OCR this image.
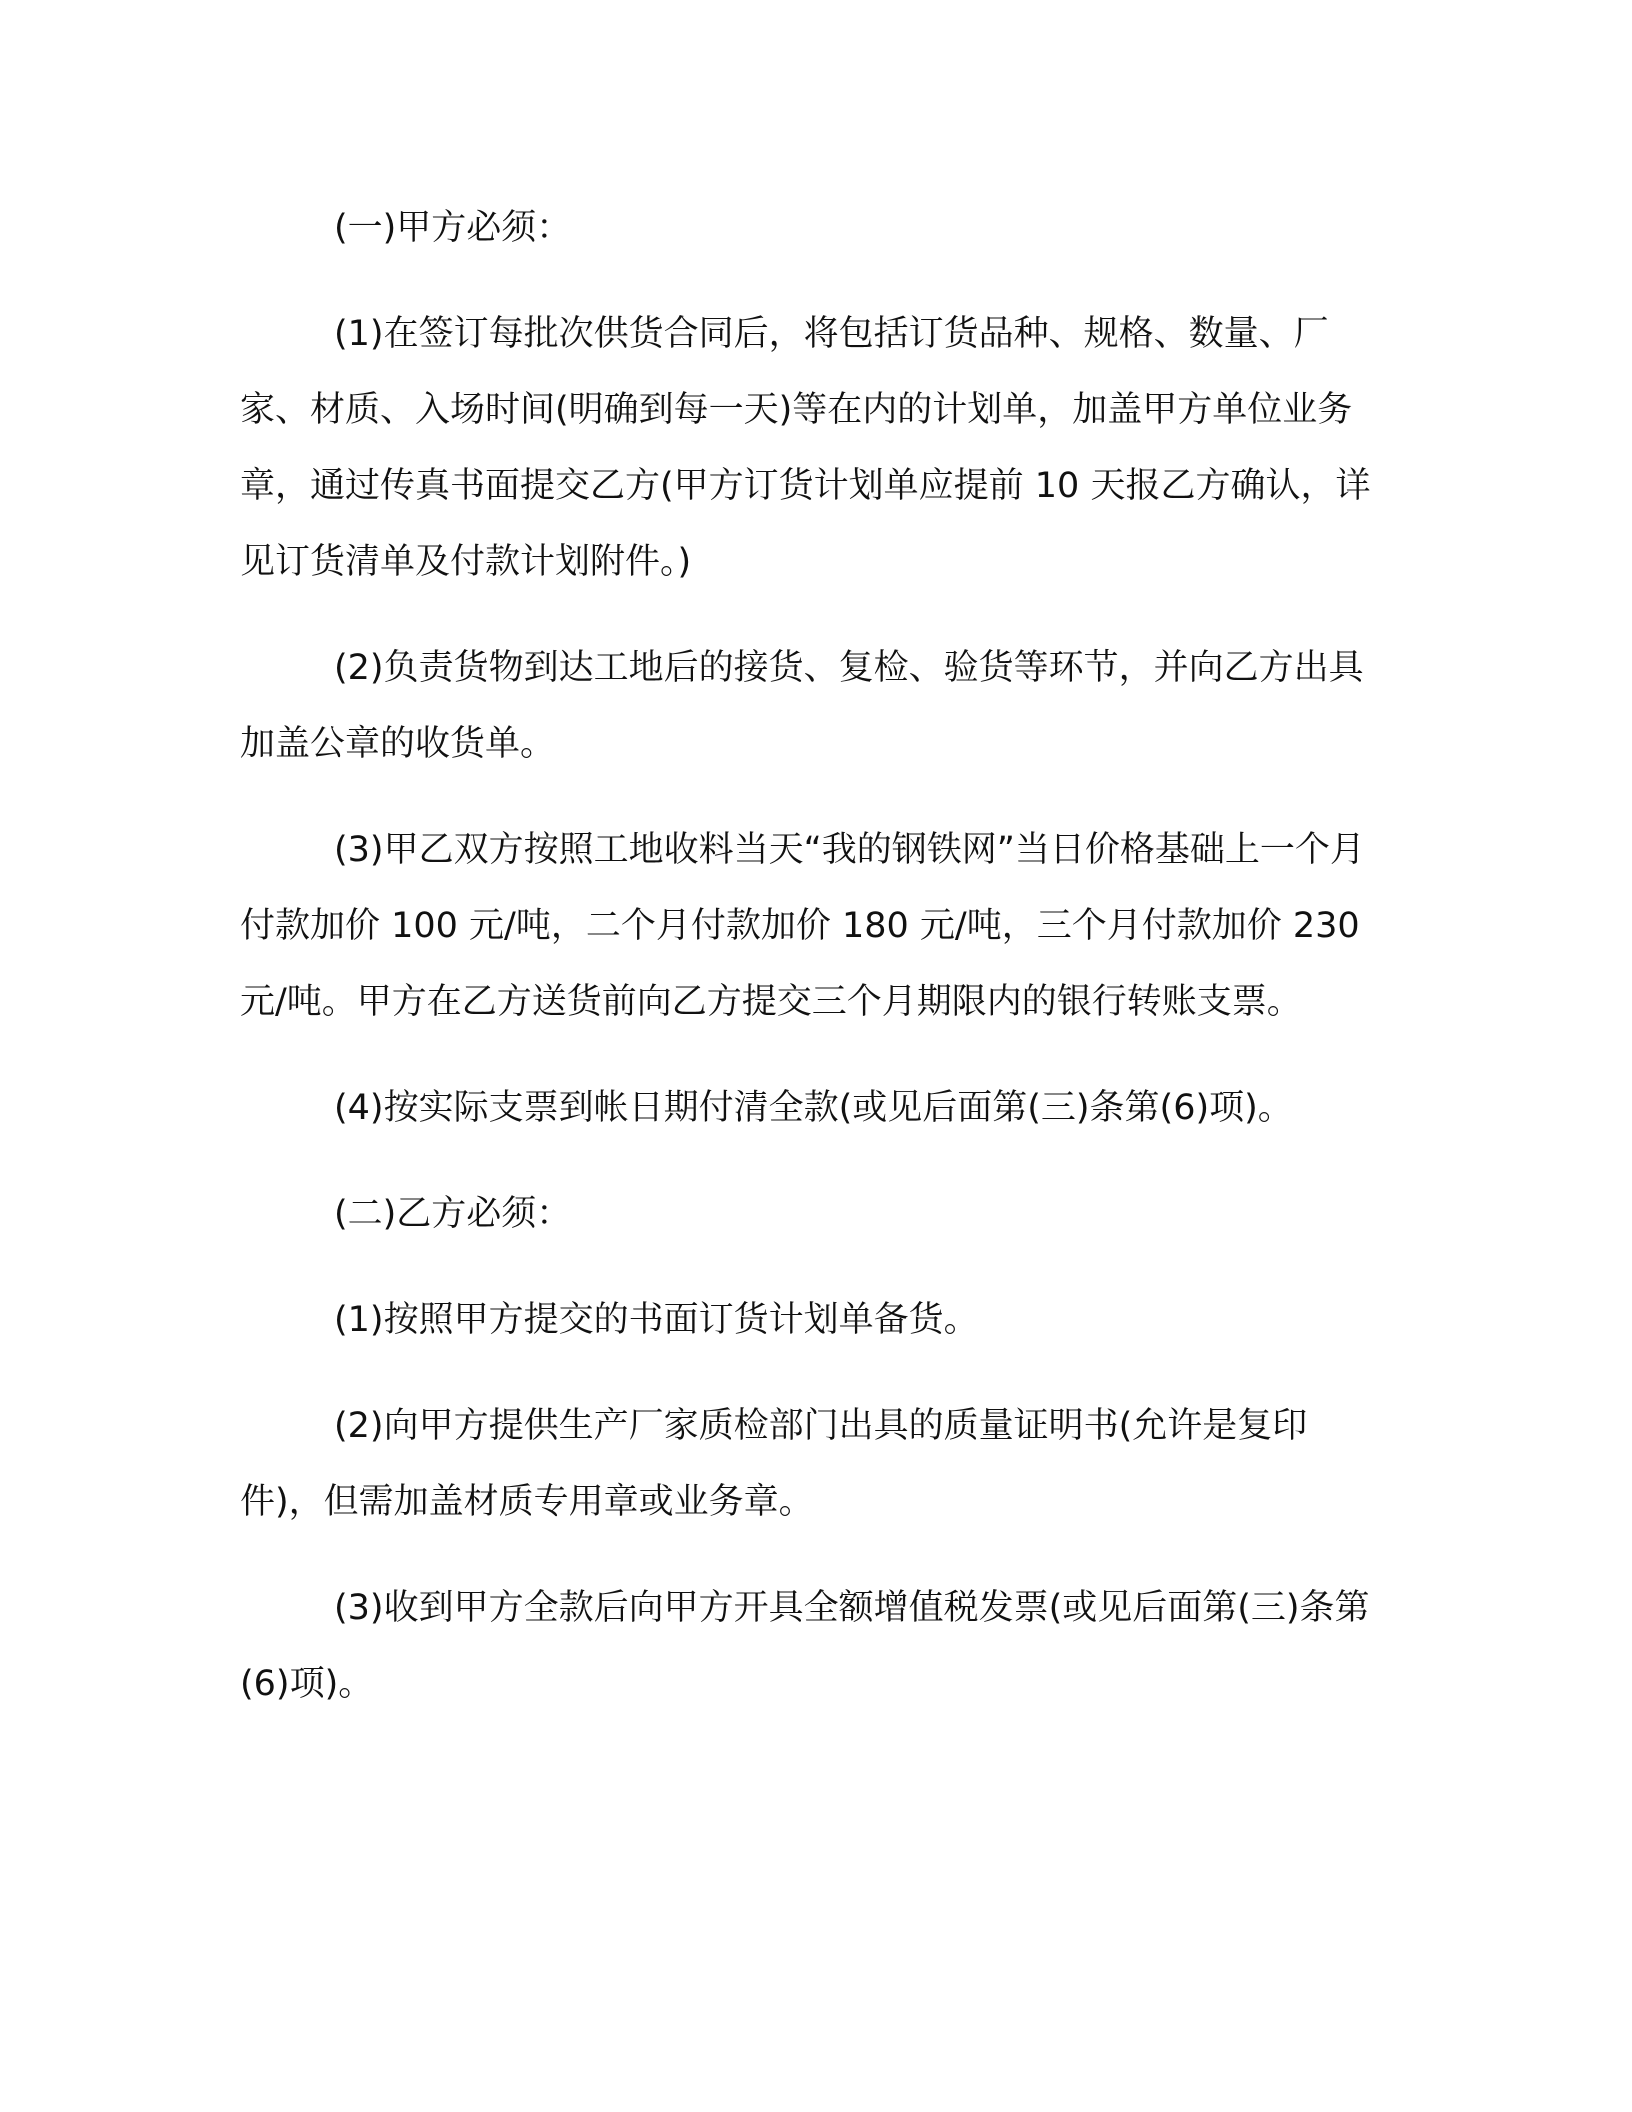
(一)甲方必须：

(1)在签订每批次供货合同后，将包括订货品种、规格、数量、厂家、材质、入场时间(明确到每一天)等在内的计划单，加盖甲方单位业务章，通过传真书面提交乙方(甲方订货计划单应提前 10 天报乙方确认，详见订货清单及付款计划附件。)

(2)负责货物到达工地后的接货、复检、验货等环节，并向乙方出具加盖公章的收货单。

(3)甲乙双方按照工地收料当天“我的钢铁网”当日价格基础上一个月付款加价 100 元/吨，二个月付款加价 180 元/吨，三个月付款加价 230 元/吨。甲方在乙方送货前向乙方提交三个月期限内的银行转账支票。

(4)按实际支票到帐日期付清全款(或见后面第(三)条第(6)项)。

(二)乙方必须：

(1)按照甲方提交的书面订货计划单备货。

(2)向甲方提供生产厂家质检部门出具的质量证明书(允许是复印件)，但需加盖材质专用章或业务章。

(3)收到甲方全款后向甲方开具全额增值税发票(或见后面第(三)条第(6)项)。
